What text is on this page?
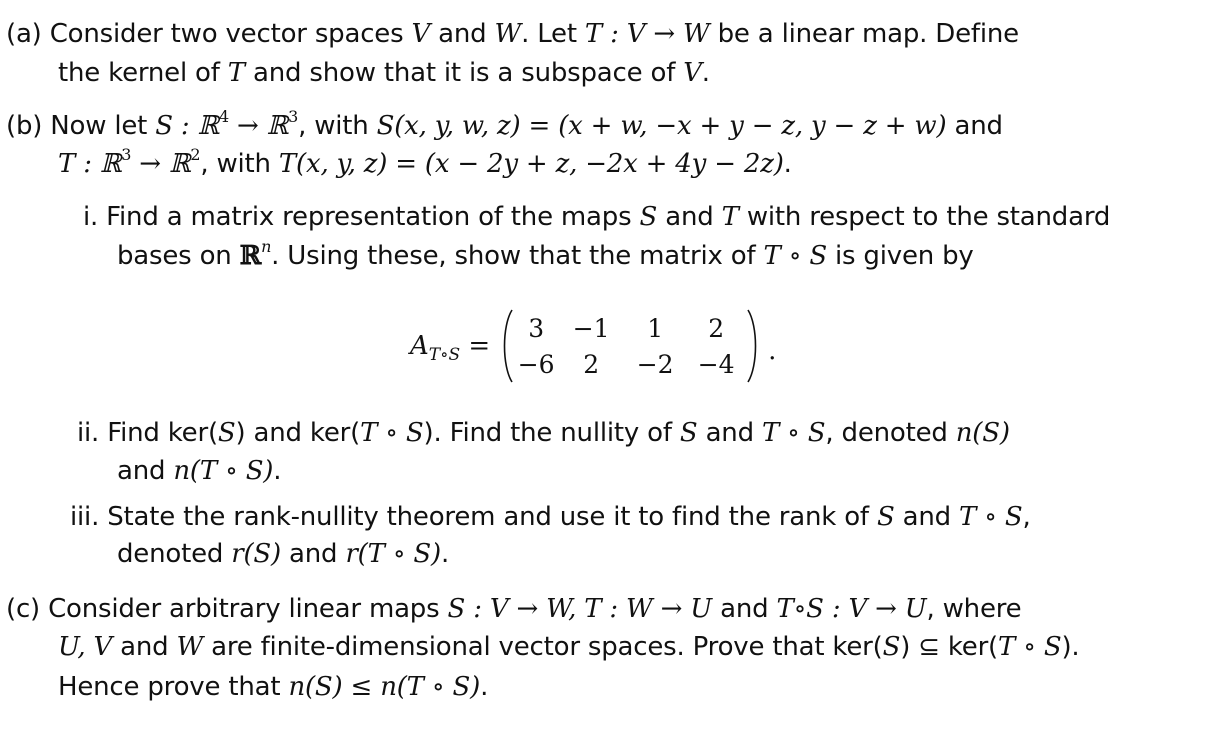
(a) Consider two vector spaces V and W. Let T : V → W be a linear map. Define
the kernel of T and show that it is a subspace of V.
(b) Now let S : ℝ$^4$ → ℝ$^3$, with S(x, y, w, z) = (x + w, −x + y − z, y − z + w) and
T : ℝ$^3$ → ℝ$^2$, with T(x, y, z) = (x − 2y + z, −2x + 4y − 2z).
i. Find a matrix representation of the maps S and T with respect to the standard
bases on ℝ$^n$. Using these, show that the matrix of T ∘ S is given by
$A_{T\circ S}$ =
3	−1	1	2
−6	2	−2 −4	.
ii. Find ker(S) and ker(T ∘ S). Find the nullity of S and T ∘ S, denoted n(S)
and n(T ∘ S).
iii. State the rank-nullity theorem and use it to find the rank of S and T ∘ S,
denoted r(S) and r(T ∘ S).
(c) Consider arbitrary linear maps S : V → W, T : W → U and T∘S : V → U, where
U, V and W are finite-dimensional vector spaces. Prove that ker(S) ⊆ ker(T ∘ S).
Hence prove that n(S) ≤ n(T ∘ S).
